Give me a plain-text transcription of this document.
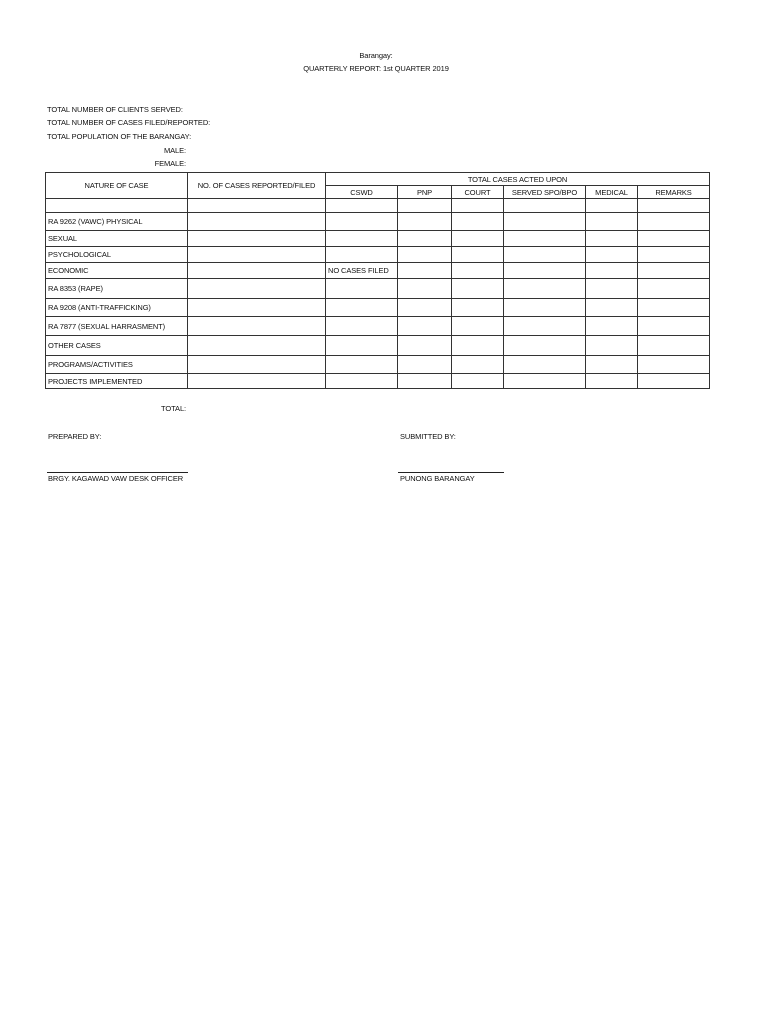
Barangay:
QUARTERLY REPORT: 1st QUARTER 2019
TOTAL NUMBER OF CLIENTS SERVED:
TOTAL NUMBER OF CASES FILED/REPORTED:
TOTAL POPULATION OF THE BARANGAY:
MALE:
FEMALE:
NATURE OF CASE	NO. OF CASES REPORTED/FILED	TOTAL CASES ACTED UPON					
		CSWD	PNP	COURT	SERVED SPO/BPO	MEDICAL	REMARKS

RA 9262 (VAWC) PHYSICAL							
SEXUAL							
PSYCHOLOGICAL							
ECONOMIC		NO CASES FILED					
RA 8353 (RAPE)							
RA 9208 (ANTI-TRAFFICKING)							
RA 7877 (SEXUAL HARRASMENT)							
OTHER CASES							
PROGRAMS/ACTIVITIES							
PROJECTS IMPLEMENTED							
TOTAL:
PREPARED BY:	SUBMITTED BY:
BRGY. KAGAWAD VAW DESK OFFICER	PUNONG BARANGAY
